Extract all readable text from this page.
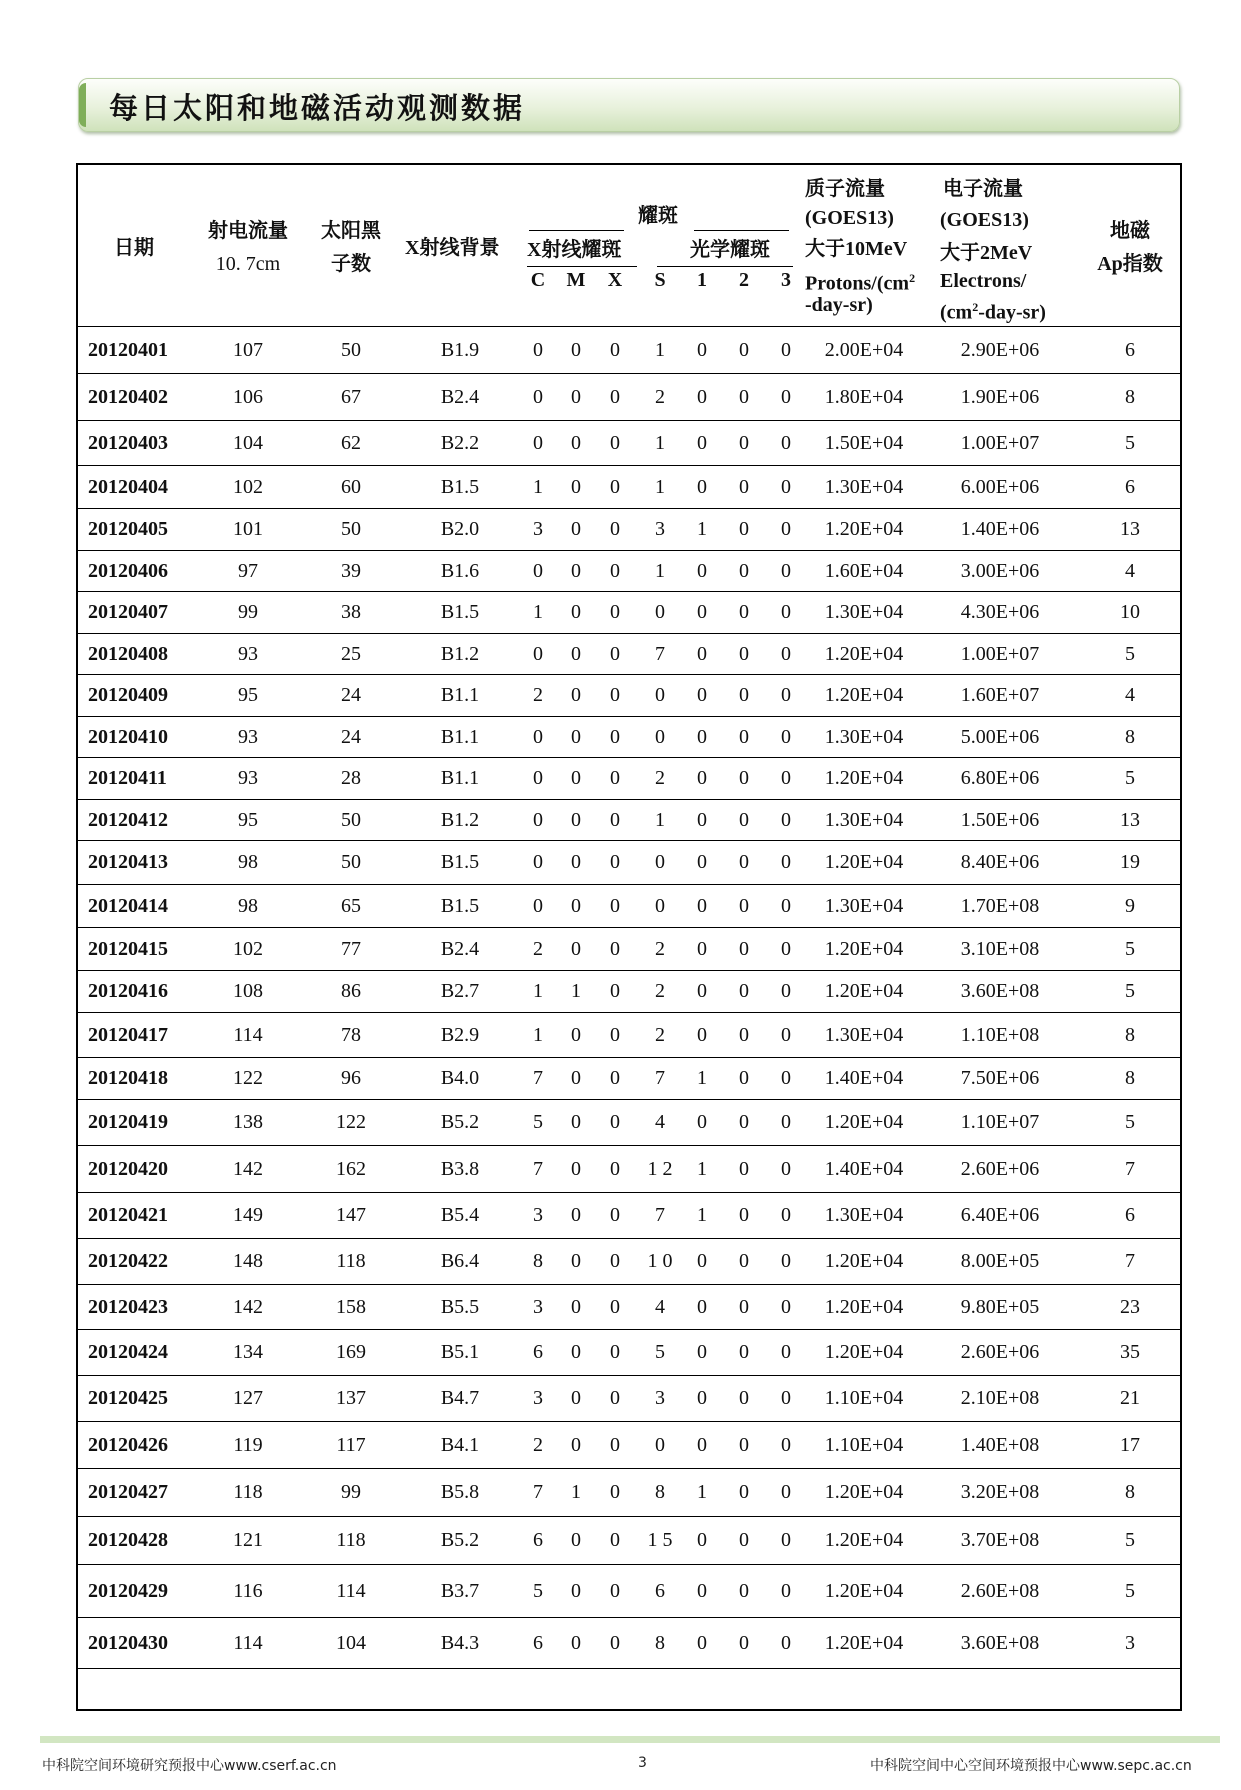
每日太阳和地磁活动观测数据
日期
射电流量
10. 7cm
太阳黑
子数
X射线背景
耀斑
X射线耀斑	光学耀斑
C	M	X	S	1	2	3
质子流量
(GOES13)
大于10MeV
Protons/($cm^2$
-day-sr)
电子流量
(GOES13)
大于2MeV
Electrons/
$(cm^2-day-sr)$
地磁
Ap指数
20120401	107	50	B1.9	0	0	0	1	0	0	0	2.00E+04	2.90E+06	6
20120402	106	67	B2.4	0	0	0	2	0	0	0	1.80E+04	1.90E+06	8
20120403	104	62	B2.2	0	0	0	1	0	0	0	1.50E+04	1.00E+07	5
20120404	102	60	B1.5	1	0	0	1	0	0	0	1.30E+04	6.00E+06	6
20120405	101	50	B2.0	3	0	0	3	1	0	0	1.20E+04	1.40E+06	13
20120406	97	39	B1.6	0	0	0	1	0	0	0	1.60E+04	3.00E+06	4
20120407	99	38	B1.5	1	0	0	0	0	0	0	1.30E+04	4.30E+06	10
20120408	93	25	B1.2	0	0	0	7	0	0	0	1.20E+04	1.00E+07	5
20120409	95	24	B1.1	2	0	0	0	0	0	0	1.20E+04	1.60E+07	4
20120410	93	24	B1.1	0	0	0	0	0	0	0	1.30E+04	5.00E+06	8
20120411	93	28	B1.1	0	0	0	2	0	0	0	1.20E+04	6.80E+06	5
20120412	95	50	B1.2	0	0	0	1	0	0	0	1.30E+04	1.50E+06	13
20120413	98	50	B1.5	0	0	0	0	0	0	0	1.20E+04	8.40E+06	19
20120414	98	65	B1.5	0	0	0	0	0	0	0	1.30E+04	1.70E+08	9
20120415	102	77	B2.4	2	0	0	2	0	0	0	1.20E+04	3.10E+08	5
20120416	108	86	B2.7	1	1	0	2	0	0	0	1.20E+04	3.60E+08	5
20120417	114	78	B2.9	1	0	0	2	0	0	0	1.30E+04	1.10E+08	8
20120418	122	96	B4.0	7	0	0	7	1	0	0	1.40E+04	7.50E+06	8
20120419	138	122	B5.2	5	0	0	4	0	0	0	1.20E+04	1.10E+07	5
20120420	142	162	B3.8	7	0	0	1 2	1	0	0	1.40E+04	2.60E+06	7
20120421	149	147	B5.4	3	0	0	7	1	0	0	1.30E+04	6.40E+06	6
20120422	148	118	B6.4	8	0	0	1 0	0	0	0	1.20E+04	8.00E+05	7
20120423	142	158	B5.5	3	0	0	4	0	0	0	1.20E+04	9.80E+05	23
20120424	134	169	B5.1	6	0	0	5	0	0	0	1.20E+04	2.60E+06	35
20120425	127	137	B4.7	3	0	0	3	0	0	0	1.10E+04	2.10E+08	21
20120426	119	117	B4.1	2	0	0	0	0	0	0	1.10E+04	1.40E+08	17
20120427	118	99	B5.8	7	1	0	8	1	0	0	1.20E+04	3.20E+08	8
20120428	121	118	B5.2	6	0	0	1 5	0	0	0	1.20E+04	3.70E+08	5
20120429	116	114	B3.7	5	0	0	6	0	0	0	1.20E+04	2.60E+08	5
20120430	114	104	B4.3	6	0	0	8	0	0	0	1.20E+04	3.60E+08	3
中科院空间环境研究预报中心www.cserf.ac.cn	3	中科院空间中心空间环境预报中心www.sepc.ac.cn
